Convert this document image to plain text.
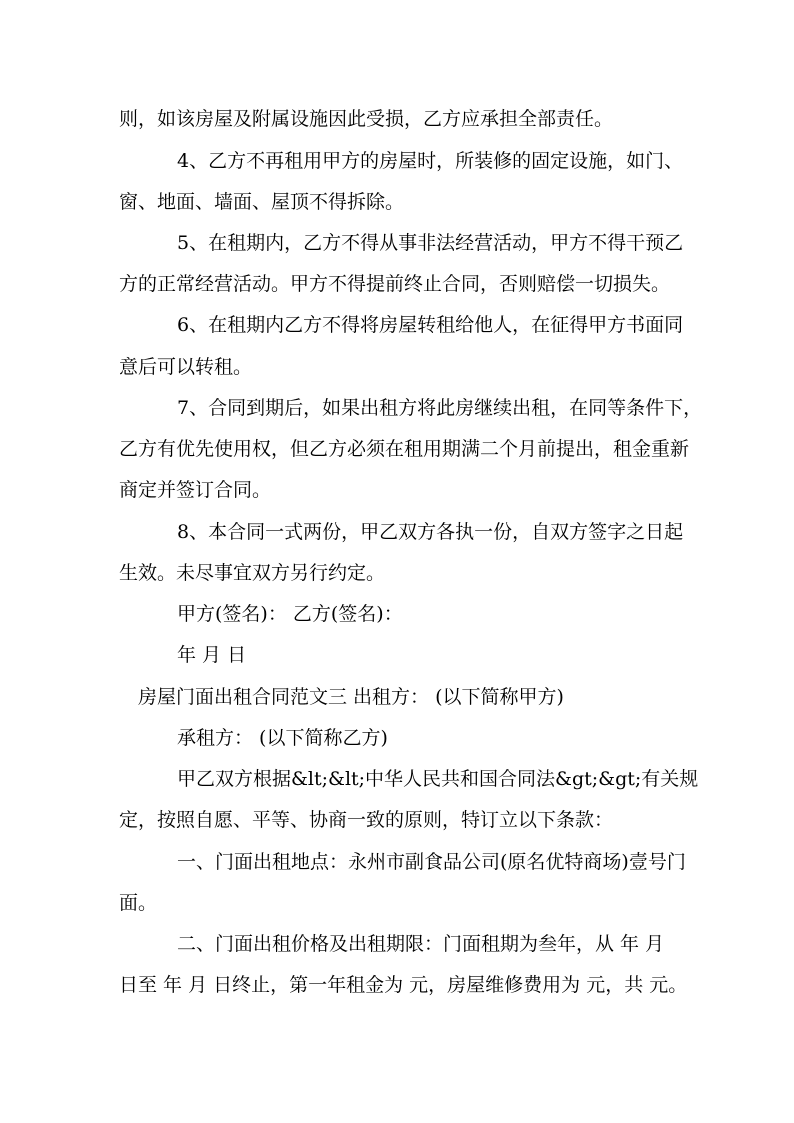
则，如该房屋及附属设施因此受损，乙方应承担全部责任。
4、乙方不再租用甲方的房屋时，所装修的固定设施，如门、
窗、地面、墙面、屋顶不得拆除。
5、在租期内，乙方不得从事非法经营活动，甲方不得干预乙
方的正常经营活动。甲方不得提前终止合同，否则赔偿一切损失。
6、在租期内乙方不得将房屋转租给他人，在征得甲方书面同
意后可以转租。
7、合同到期后，如果出租方将此房继续出租，在同等条件下，
乙方有优先使用权，但乙方必须在租用期满二个月前提出，租金重新
商定并签订合同。
8、本合同一式两份，甲乙双方各执一份，自双方签字之日起
生效。未尽事宜双方另行约定。
甲方(签名)： 乙方(签名)：
年 月 日
房屋门面出租合同范文三 出租方： (以下简称甲方)
承租方： (以下简称乙方)
甲乙双方根据&lt;&lt;中华人民共和国合同法&gt;&gt;有关规
定，按照自愿、平等、协商一致的原则，特订立以下条款：
一、门面出租地点：永州市副食品公司(原名优特商场)壹号门
面。
二、门面出租价格及出租期限：门面租期为叁年，从 年 月
日至 年 月 日终止，第一年租金为 元，房屋维修费用为 元，共 元。
